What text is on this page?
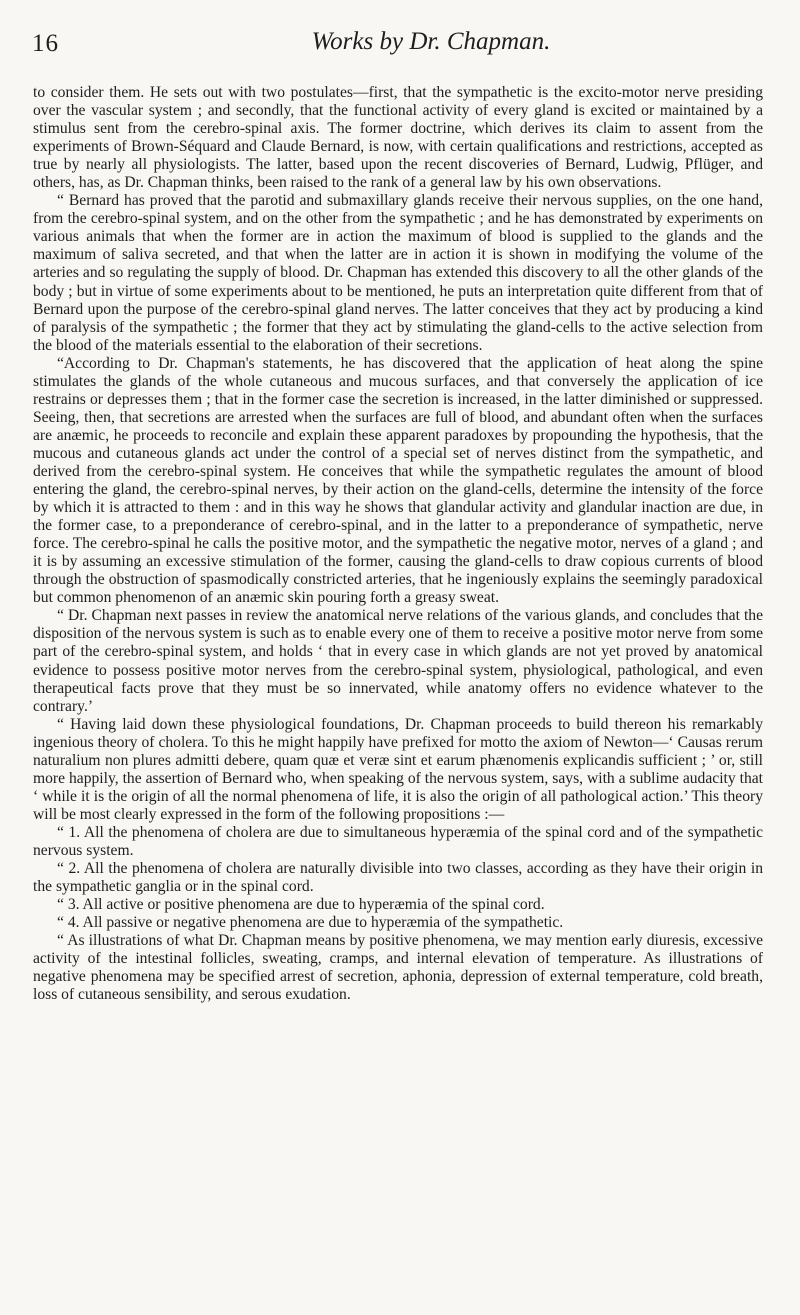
16	Works by Dr. Chapman.

to consider them. He sets out with two postulates—first, that the sympathetic is the excito-motor nerve presiding over the vascular system ; and secondly, that the functional activity of every gland is excited or maintained by a stimulus sent from the cerebro-spinal axis. The former doctrine, which derives its claim to assent from the experiments of Brown-Séquard and Claude Bernard, is now, with certain qualifications and restrictions, accepted as true by nearly all physiologists. The latter, based upon the recent discoveries of Bernard, Ludwig, Pflüger, and others, has, as Dr. Chapman thinks, been raised to the rank of a general law by his own observations.

“ Bernard has proved that the parotid and submaxillary glands receive their nervous supplies, on the one hand, from the cerebro-spinal system, and on the other from the sympathetic ; and he has demonstrated by experiments on various animals that when the former are in action the maximum of blood is supplied to the glands and the maximum of saliva secreted, and that when the latter are in action it is shown in modifying the volume of the arteries and so regulating the supply of blood. Dr. Chapman has extended this discovery to all the other glands of the body ; but in virtue of some experiments about to be mentioned, he puts an interpretation quite different from that of Bernard upon the purpose of the cerebro-spinal gland nerves. The latter conceives that they act by producing a kind of paralysis of the sympathetic ; the former that they act by stimulating the gland-cells to the active selection from the blood of the materials essential to the elaboration of their secretions.

“According to Dr. Chapman's statements, he has discovered that the application of heat along the spine stimulates the glands of the whole cutaneous and mucous surfaces, and that conversely the application of ice restrains or depresses them ; that in the former case the secretion is increased, in the latter diminished or suppressed. Seeing, then, that secretions are arrested when the surfaces are full of blood, and abundant often when the surfaces are anæmic, he proceeds to reconcile and explain these apparent paradoxes by propounding the hypothesis, that the mucous and cutaneous glands act under the control of a special set of nerves distinct from the sympathetic, and derived from the cerebro-spinal system. He conceives that while the sympathetic regulates the amount of blood entering the gland, the cerebro-spinal nerves, by their action on the gland-cells, determine the intensity of the force by which it is attracted to them : and in this way he shows that glandular activity and glandular inaction are due, in the former case, to a preponderance of cerebro-spinal, and in the latter to a preponderance of sympathetic, nerve force. The cerebro-spinal he calls the positive motor, and the sympathetic the negative motor, nerves of a gland ; and it is by assuming an excessive stimulation of the former, causing the gland-cells to draw copious currents of blood through the obstruction of spasmodically constricted arteries, that he ingeniously explains the seemingly paradoxical but common phenomenon of an anæmic skin pouring forth a greasy sweat.

“ Dr. Chapman next passes in review the anatomical nerve relations of the various glands, and concludes that the disposition of the nervous system is such as to enable every one of them to receive a positive motor nerve from some part of the cerebro-spinal system, and holds ‘ that in every case in which glands are not yet proved by anatomical evidence to possess positive motor nerves from the cerebro-spinal system, physiological, pathological, and even therapeutical facts prove that they must be so innervated, while anatomy offers no evidence whatever to the contrary.’

“ Having laid down these physiological foundations, Dr. Chapman proceeds to build thereon his remarkably ingenious theory of cholera. To this he might happily have prefixed for motto the axiom of Newton—‘ Causas rerum naturalium non plures admitti debere, quam quæ et veræ sint et earum phænomenis explicandis sufficient ; ’ or, still more happily, the assertion of Bernard who, when speaking of the nervous system, says, with a sublime audacity that ‘ while it is the origin of all the normal phenomena of life, it is also the origin of all pathological action.’ This theory will be most clearly expressed in the form of the following propositions :—

“ 1. All the phenomena of cholera are due to simultaneous hyperæmia of the spinal cord and of the sympathetic nervous system.

“ 2. All the phenomena of cholera are naturally divisible into two classes, according as they have their origin in the sympathetic ganglia or in the spinal cord.

“ 3. All active or positive phenomena are due to hyperæmia of the spinal cord.

“ 4. All passive or negative phenomena are due to hyperæmia of the sympathetic.

“ As illustrations of what Dr. Chapman means by positive phenomena, we may mention early diuresis, excessive activity of the intestinal follicles, sweating, cramps, and internal elevation of temperature. As illustrations of negative phenomena may be specified arrest of secretion, aphonia, depression of external temperature, cold breath, loss of cutaneous sensibility, and serous exudation.
